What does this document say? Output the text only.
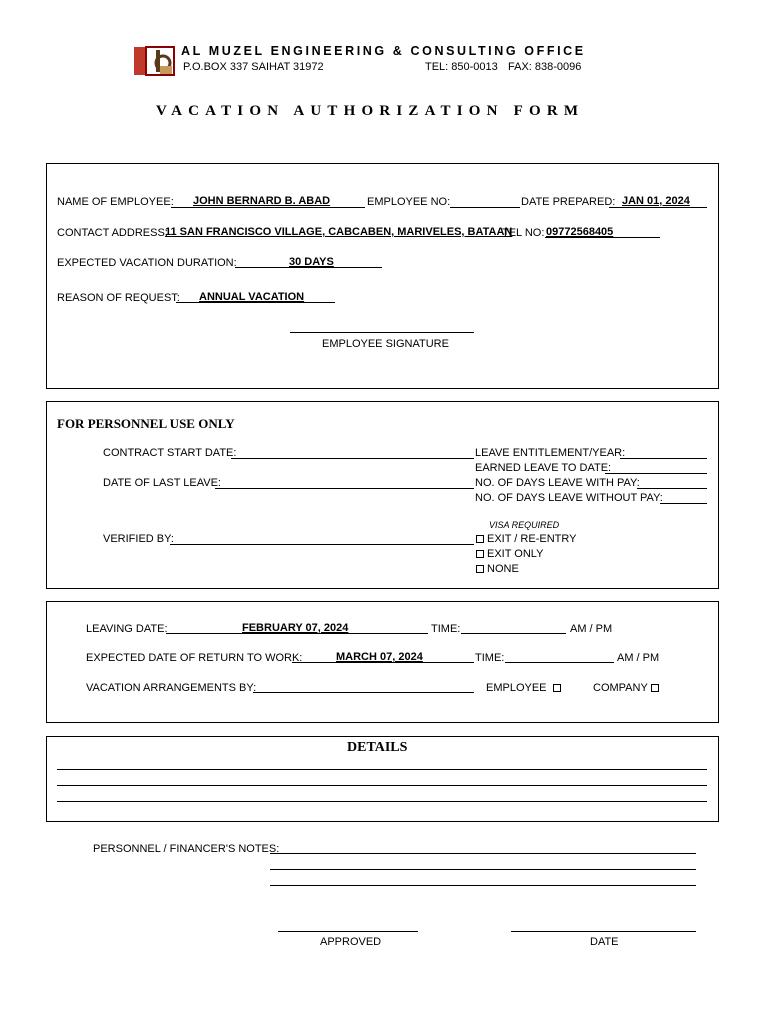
AL MUZEL ENGINEERING & CONSULTING OFFICE
P.O.BOX 337 SAIHAT 31972	TEL: 850-0013 FAX: 838-0096
VACATION AUTHORIZATION FORM
NAME OF EMPLOYEE: JOHN BERNARD B. ABAD	EMPLOYEE NO:	DATE PREPARED: JAN 01, 2024
CONTACT ADDRESS:
11 SAN FRANCISCO VILLAGE, CABCABEN, MARIVELES, BATAAN
TEL NO: 09772568405
EXPECTED VACATION DURATION:	30 DAYS
REASON OF REQUEST: ANNUAL VACATION
EMPLOYEE SIGNATURE
FOR PERSONNEL USE ONLY
CONTRACT START DATE:
DATE OF LAST LEAVE:
VERIFIED BY:
LEAVE ENTITLEMENT/YEAR:
EARNED LEAVE TO DATE:
NO. OF DAYS LEAVE WITH PAY:
NO. OF DAYS LEAVE WITHOUT PAY:
VISA REQUIRED
EXIT / RE-ENTRY
EXIT ONLY
NONE
LEAVING DATE:	FEBRUARY 07, 2024	TIME:	AM / PM
EXPECTED DATE OF RETURN TO WORK:	MARCH 07, 2024	TIME:	AM / PM
VACATION ARRANGEMENTS BY:	EMPLOYEE	COMPANY
DETAILS
PERSONNEL / FINANCER'S NOTES:
APPROVED	DATE
